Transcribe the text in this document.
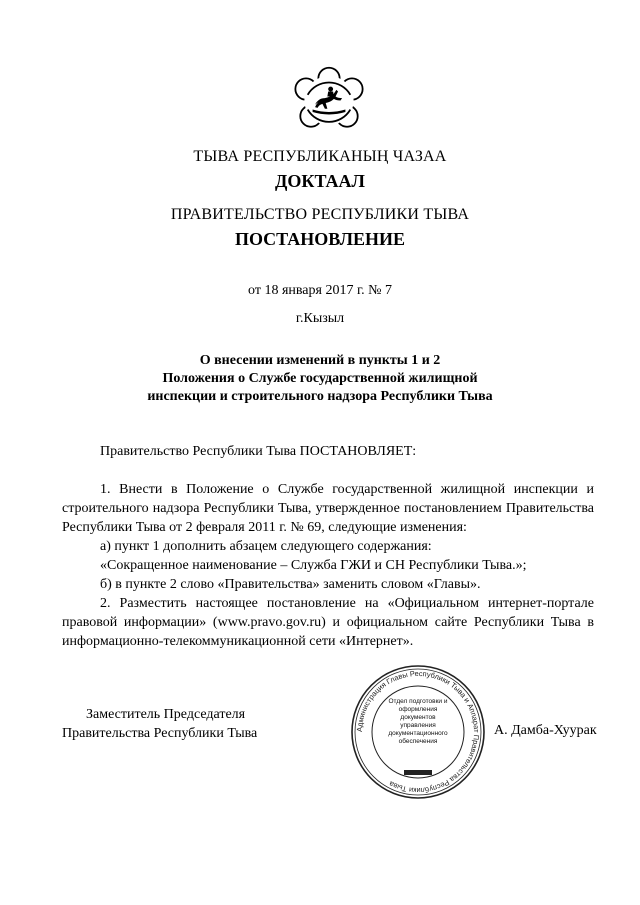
ТЫВА РЕСПУБЛИКАНЫҢ ЧАЗАА
ДОКТААЛ
ПРАВИТЕЛЬСТВО РЕСПУБЛИКИ ТЫВА
ПОСТАНОВЛЕНИЕ
от 18 января 2017 г. № 7
г.Кызыл
О внесении изменений в пункты 1 и 2
Положения о Службе государственной жилищной
инспекции и строительного надзора Республики Тыва
Правительство Республики Тыва ПОСТАНОВЛЯЕТ:

1. Внести в Положение о Службе государственной жилищной инспекции и строительного надзора Республики Тыва, утвержденное постановлением Правительства Республики Тыва от 2 февраля 2011 г. № 69, следующие изменения:

а) пункт 1 дополнить абзацем следующего содержания:

«Сокращенное наименование – Служба ГЖИ и СН Республики Тыва.»;

б) в пункте 2 слово «Правительства» заменить словом «Главы».

2. Разместить настоящее постановление на «Официальном интернет-портале правовой информации» (www.pravo.gov.ru) и официальном сайте Республики Тыва в информационно-телекоммуникационной сети «Интернет».

Заместитель Председателя
Правительства Республики Тыва	Администрация Главы Республики Тыва и Аппарат Правительства Республики Тыва
Отдел подготовки и оформления документов управления документационного обеспечения
А. Дамба-Хуурак
